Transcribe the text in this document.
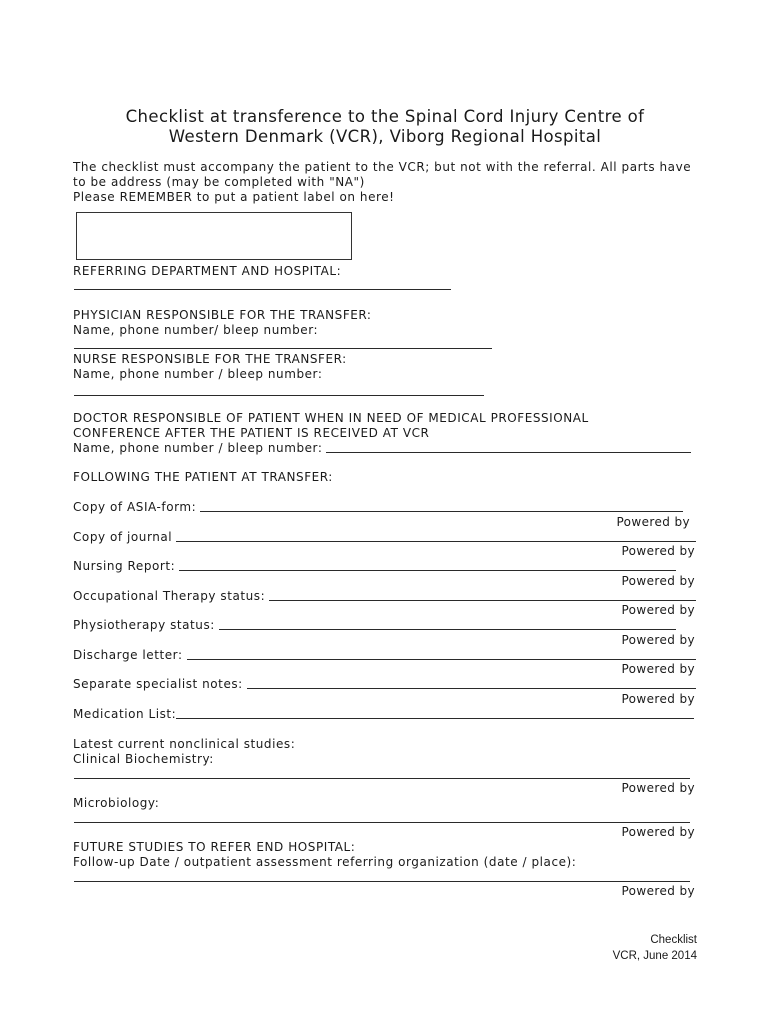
Checklist at transference to the Spinal Cord Injury Centre of
Western Denmark (VCR), Viborg Regional Hospital
The checklist must accompany the patient to the VCR; but not with the referral. All parts have
to be address (may be completed with "NA")
Please REMEMBER to put a patient label on here!
REFERRING DEPARTMENT AND HOSPITAL:
PHYSICIAN RESPONSIBLE FOR THE TRANSFER:
Name, phone number/ bleep number:
NURSE RESPONSIBLE FOR THE TRANSFER:
Name, phone number / bleep number:
DOCTOR RESPONSIBLE OF PATIENT WHEN IN NEED OF MEDICAL PROFESSIONAL
CONFERENCE AFTER THE PATIENT IS RECEIVED AT VCR
Name, phone number / bleep number:
FOLLOWING THE PATIENT AT TRANSFER:
Copy of ASIA-form:
Powered by
Copy of journal
Powered by
Nursing Report:
Powered by
Occupational Therapy status:
Powered by
Physiotherapy status:
Powered by
Discharge letter:
Powered by
Separate specialist notes:
Powered by
Medication List:
Latest current nonclinical studies:
Clinical Biochemistry:
Powered by
Microbiology:
Powered by
FUTURE STUDIES TO REFER END HOSPITAL:
Follow-up Date / outpatient assessment referring organization (date / place):
Powered by
Checklist
VCR, June 2014
